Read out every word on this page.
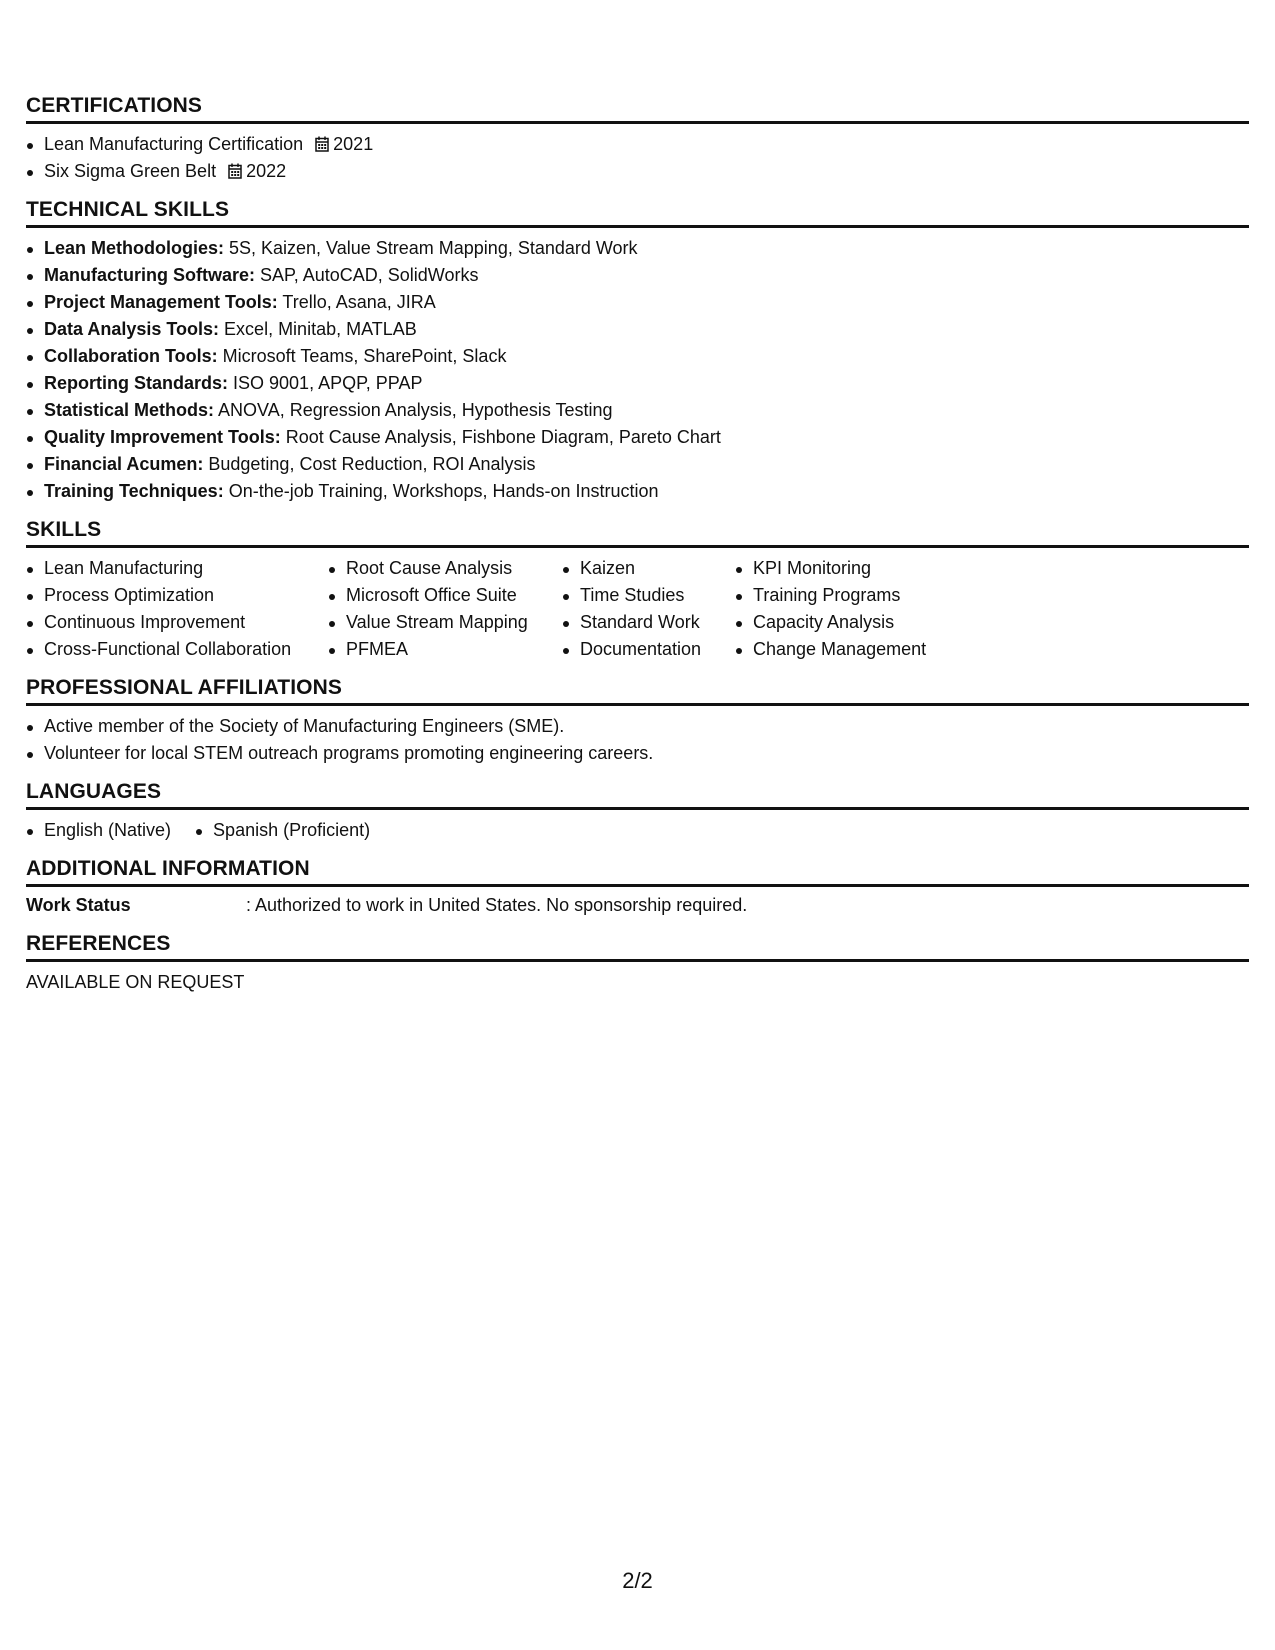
CERTIFICATIONS
Lean Manufacturing Certification 2021
Six Sigma Green Belt 2022
TECHNICAL SKILLS
Lean Methodologies: 5S, Kaizen, Value Stream Mapping, Standard Work
Manufacturing Software: SAP, AutoCAD, SolidWorks
Project Management Tools: Trello, Asana, JIRA
Data Analysis Tools: Excel, Minitab, MATLAB
Collaboration Tools: Microsoft Teams, SharePoint, Slack
Reporting Standards: ISO 9001, APQP, PPAP
Statistical Methods: ANOVA, Regression Analysis, Hypothesis Testing
Quality Improvement Tools: Root Cause Analysis, Fishbone Diagram, Pareto Chart
Financial Acumen: Budgeting, Cost Reduction, ROI Analysis
Training Techniques: On-the-job Training, Workshops, Hands-on Instruction
SKILLS
Lean Manufacturing
Process Optimization
Continuous Improvement
Cross-Functional Collaboration
Root Cause Analysis
Microsoft Office Suite
Value Stream Mapping
PFMEA
Kaizen
Time Studies
Standard Work
Documentation
KPI Monitoring
Training Programs
Capacity Analysis
Change Management
PROFESSIONAL AFFILIATIONS
Active member of the Society of Manufacturing Engineers (SME).
Volunteer for local STEM outreach programs promoting engineering careers.
LANGUAGES
English (Native)	Spanish (Proficient)
ADDITIONAL INFORMATION
Work Status	: Authorized to work in United States. No sponsorship required.
REFERENCES
AVAILABLE ON REQUEST
2/2
